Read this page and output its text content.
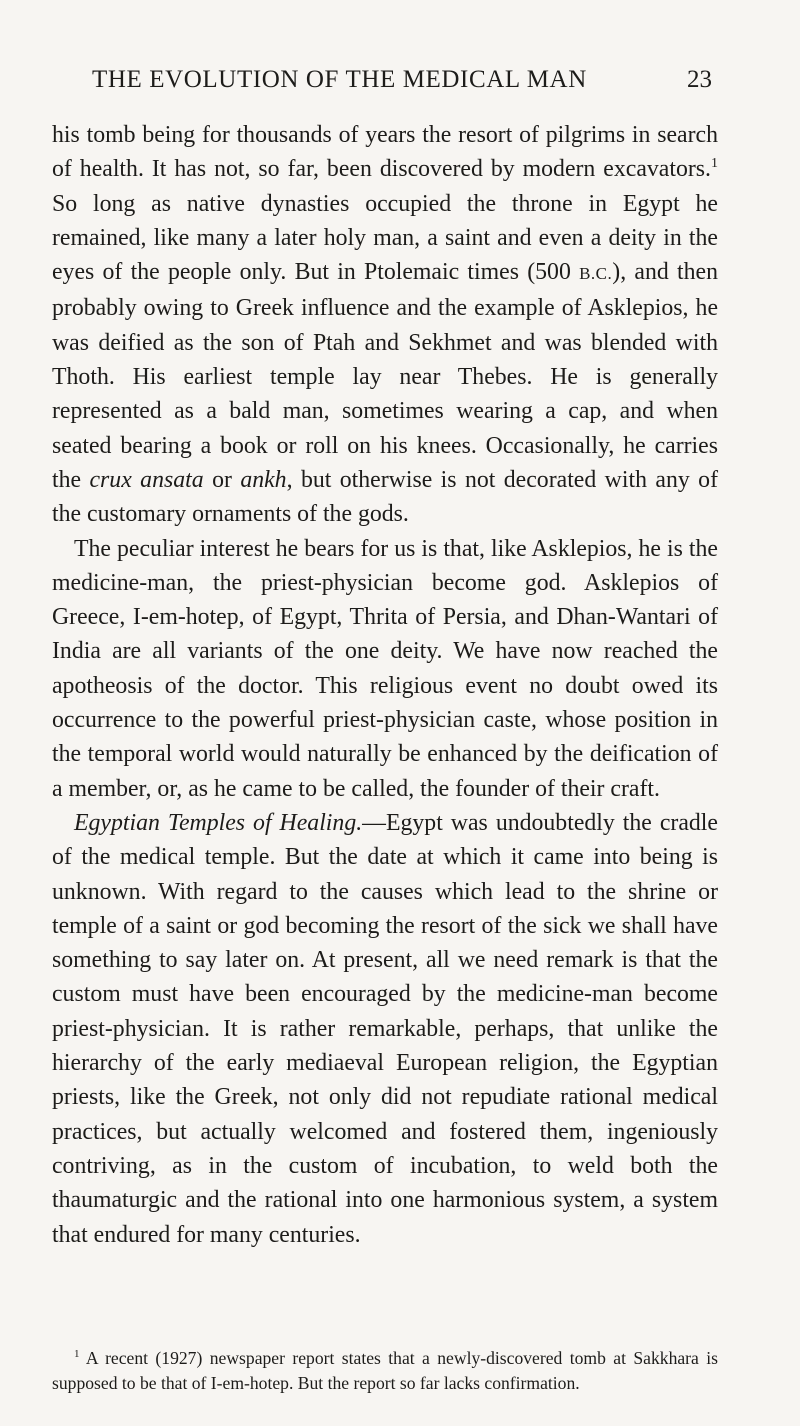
THE EVOLUTION OF THE MEDICAL MAN	23

his tomb being for thousands of years the resort of pilgrims in search of health. It has not, so far, been discovered by modern excavators.$^1$ So long as native dynasties occupied the throne in Egypt he remained, like many a later holy man, a saint and even a deity in the eyes of the people only. But in Ptolemaic times (500 B.C.), and then probably owing to Greek influence and the example of Asklepios, he was deified as the son of Ptah and Sekhmet and was blended with Thoth. His earliest temple lay near Thebes. He is generally represented as a bald man, sometimes wearing a cap, and when seated bearing a book or roll on his knees. Occasionally, he carries the crux ansata or ankh, but otherwise is not decorated with any of the customary ornaments of the gods.

The peculiar interest he bears for us is that, like Asklepios, he is the medicine-man, the priest-physician become god. Asklepios of Greece, I-em-hotep, of Egypt, Thrita of Persia, and Dhan-Wantari of India are all variants of the one deity. We have now reached the apotheosis of the doctor. This religious event no doubt owed its occurrence to the powerful priest-physician caste, whose position in the temporal world would naturally be enhanced by the deification of a member, or, as he came to be called, the founder of their craft.

Egyptian Temples of Healing.—Egypt was undoubtedly the cradle of the medical temple. But the date at which it came into being is unknown. With regard to the causes which lead to the shrine or temple of a saint or god becoming the resort of the sick we shall have something to say later on. At present, all we need remark is that the custom must have been encouraged by the medicine-man become priest-physician. It is rather remarkable, perhaps, that unlike the hierarchy of the early mediaeval European religion, the Egyptian priests, like the Greek, not only did not repudiate rational medical practices, but actually welcomed and fostered them, ingeniously contriving, as in the custom of incubation, to weld both the thaumaturgic and the rational into one harmonious system, a system that endured for many centuries.

$^1$ A recent (1927) newspaper report states that a newly-discovered tomb at Sakkhara is supposed to be that of I-em-hotep. But the report so far lacks confirmation.
